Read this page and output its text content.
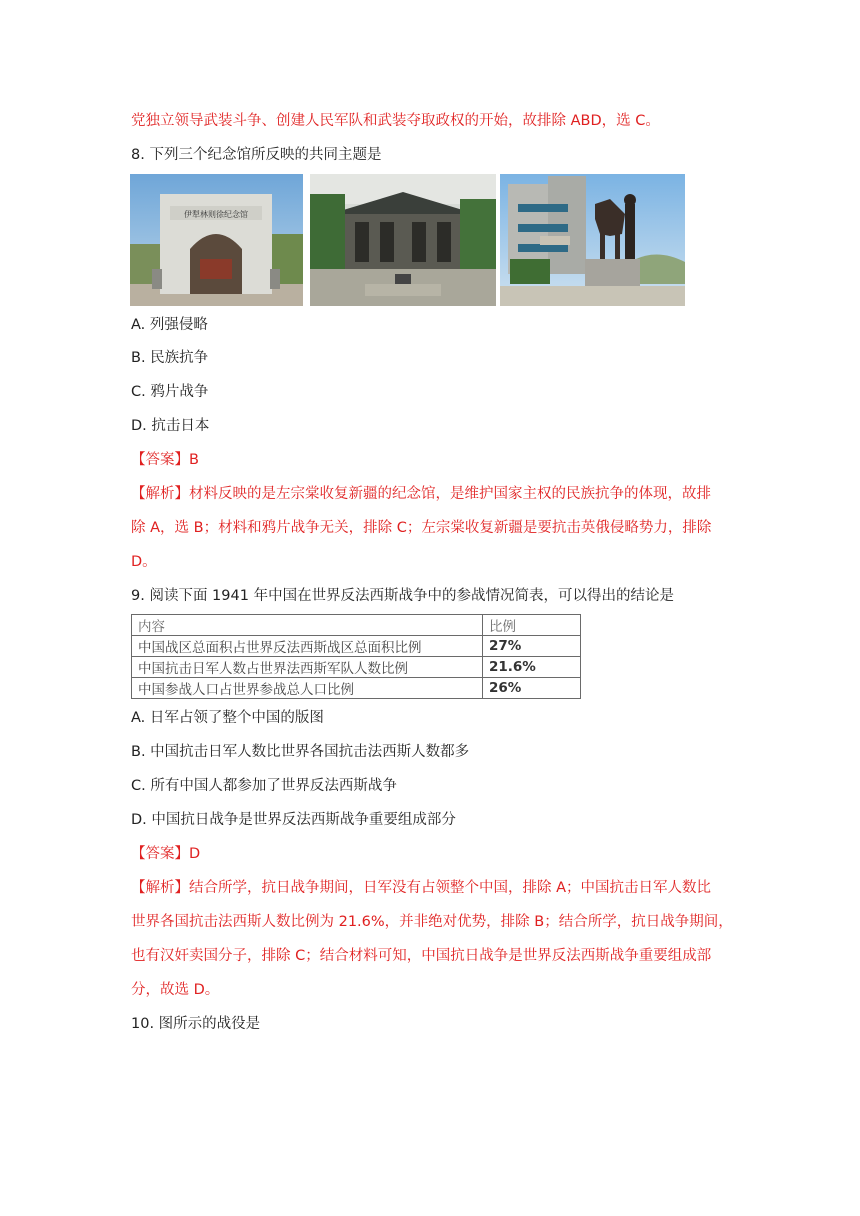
党独立领导武装斗争、创建人民军队和武装夺取政权的开始，故排除 ABD，选 C。
8. 下列三个纪念馆所反映的共同主题是
伊犁林则徐纪念馆
A. 列强侵略
B. 民族抗争
C. 鸦片战争
D. 抗击日本
【答案】B
【解析】材料反映的是左宗棠收复新疆的纪念馆，是维护国家主权的民族抗争的体现，故排
除 A，选 B；材料和鸦片战争无关，排除 C；左宗棠收复新疆是要抗击英俄侵略势力，排除
D。
9. 阅读下面 1941 年中国在世界反法西斯战争中的参战情况简表，可以得出的结论是
内容	比例
中国战区总面积占世界反法西斯战区总面积比例	27%
中国抗击日军人数占世界法西斯军队人数比例	21.6%
中国参战人口占世界参战总人口比例	26%
A. 日军占领了整个中国的版图
B. 中国抗击日军人数比世界各国抗击法西斯人数都多
C. 所有中国人都参加了世界反法西斯战争
D. 中国抗日战争是世界反法西斯战争重要组成部分
【答案】D
【解析】结合所学，抗日战争期间，日军没有占领整个中国，排除 A；中国抗击日军人数比
世界各国抗击法西斯人数比例为 21.6%，并非绝对优势，排除 B；结合所学，抗日战争期间，
也有汉奸卖国分子，排除 C；结合材料可知，中国抗日战争是世界反法西斯战争重要组成部
分，故选 D。
10. 图所示的战役是
